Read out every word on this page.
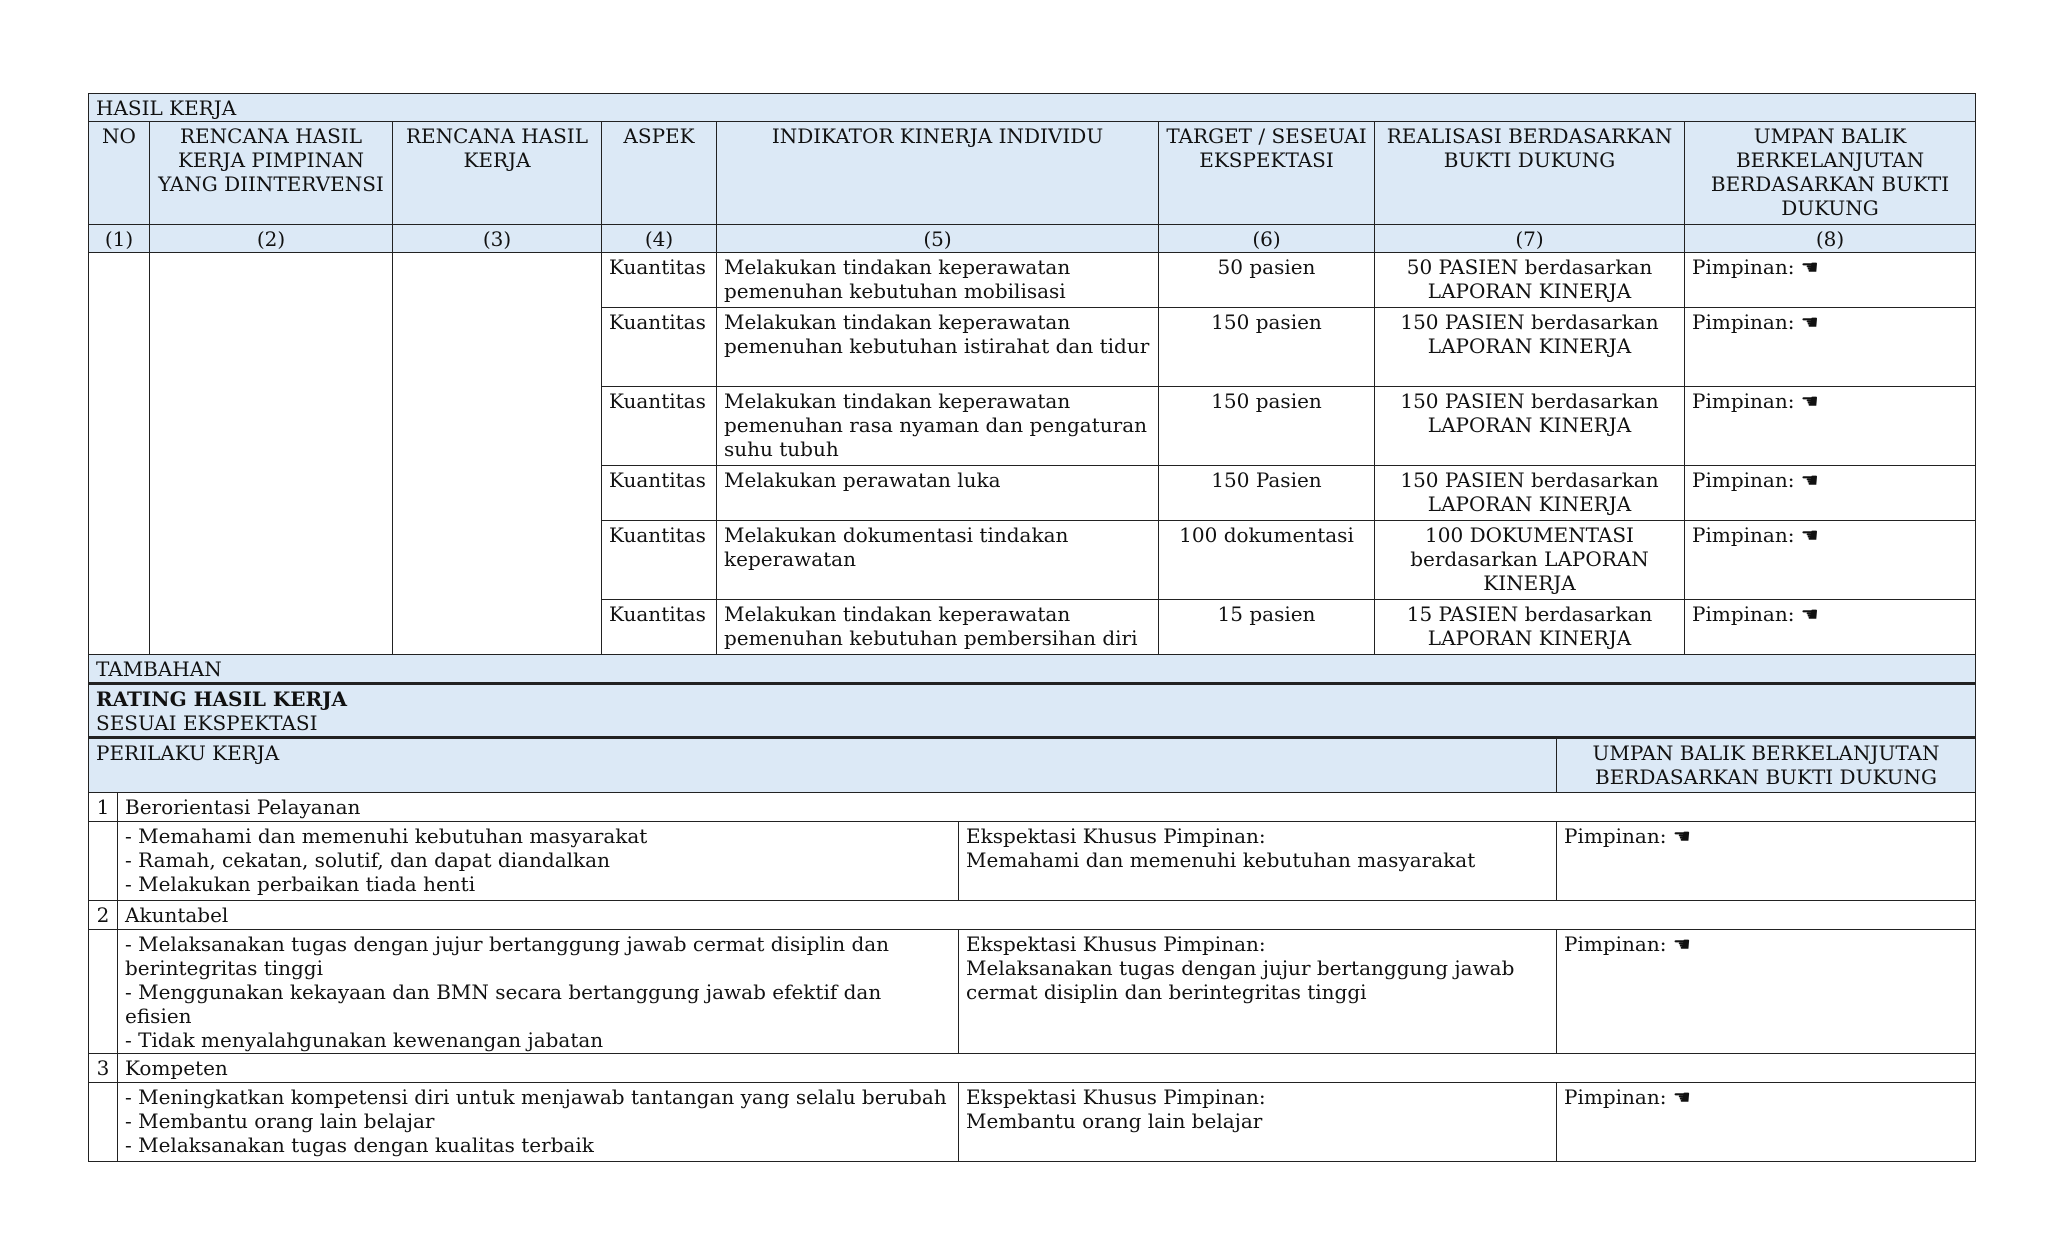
HASIL KERJA							
NO	RENCANA HASIL KERJA PIMPINAN YANG DIINTERVENSI	RENCANA HASIL KERJA	ASPEK	INDIKATOR KINERJA INDIVIDU	TARGET / SESEUAI EKSPEKTASI	REALISASI BERDASARKAN BUKTI DUKUNG	UMPAN BALIK BERKELANJUTAN BERDASARKAN BUKTI DUKUNG
(1)	(2)	(3)	(4)	(5)	(6)	(7)	(8)
			Kuantitas	Melakukan tindakan keperawatan pemenuhan kebutuhan mobilisasi	50 pasien	50 PASIEN berdasarkan LAPORAN KINERJA	Pimpinan: ☚
			Kuantitas	Melakukan tindakan keperawatan pemenuhan kebutuhan istirahat dan tidur	150 pasien	150 PASIEN berdasarkan LAPORAN KINERJA	Pimpinan: ☚
			Kuantitas	Melakukan tindakan keperawatan pemenuhan rasa nyaman dan pengaturan suhu tubuh	150 pasien	150 PASIEN berdasarkan LAPORAN KINERJA	Pimpinan: ☚
			Kuantitas	Melakukan perawatan luka	150 Pasien	150 PASIEN berdasarkan LAPORAN KINERJA	Pimpinan: ☚
			Kuantitas	Melakukan dokumentasi tindakan keperawatan	100 dokumentasi	100 DOKUMENTASI berdasarkan LAPORAN KINERJA	Pimpinan: ☚
			Kuantitas	Melakukan tindakan keperawatan pemenuhan kebutuhan pembersihan diri	15 pasien	15 PASIEN berdasarkan LAPORAN KINERJA	Pimpinan: ☚
TAMBAHAN							

RATING HASIL KERJA
SESUAI EKSPEKTASI							
PERILAKU KERJA			UMPAN BALIK BERKELANJUTAN BERDASARKAN BUKTI DUKUNG
1	Berorientasi Pelayanan		

	- Memahami dan memenuhi kebutuhan masyarakat
- Ramah, cekatan, solutif, dan dapat diandalkan
- Melakukan perbaikan tiada henti	Ekspektasi Khusus Pimpinan:
Memahami dan memenuhi kebutuhan masyarakat	Pimpinan: ☚
2	Akuntabel		

	- Melaksanakan tugas dengan jujur bertanggung jawab cermat disiplin dan berintegritas tinggi
- Menggunakan kekayaan dan BMN secara bertanggung jawab efektif dan efisien
- Tidak menyalahgunakan kewenangan jabatan	Ekspektasi Khusus Pimpinan:
Melaksanakan tugas dengan jujur bertanggung jawab cermat disiplin dan berintegritas tinggi	Pimpinan: ☚
3	Kompeten		

	- Meningkatkan kompetensi diri untuk menjawab tantangan yang selalu berubah
- Membantu orang lain belajar
- Melaksanakan tugas dengan kualitas terbaik	Ekspektasi Khusus Pimpinan:
Membantu orang lain belajar	Pimpinan: ☚
